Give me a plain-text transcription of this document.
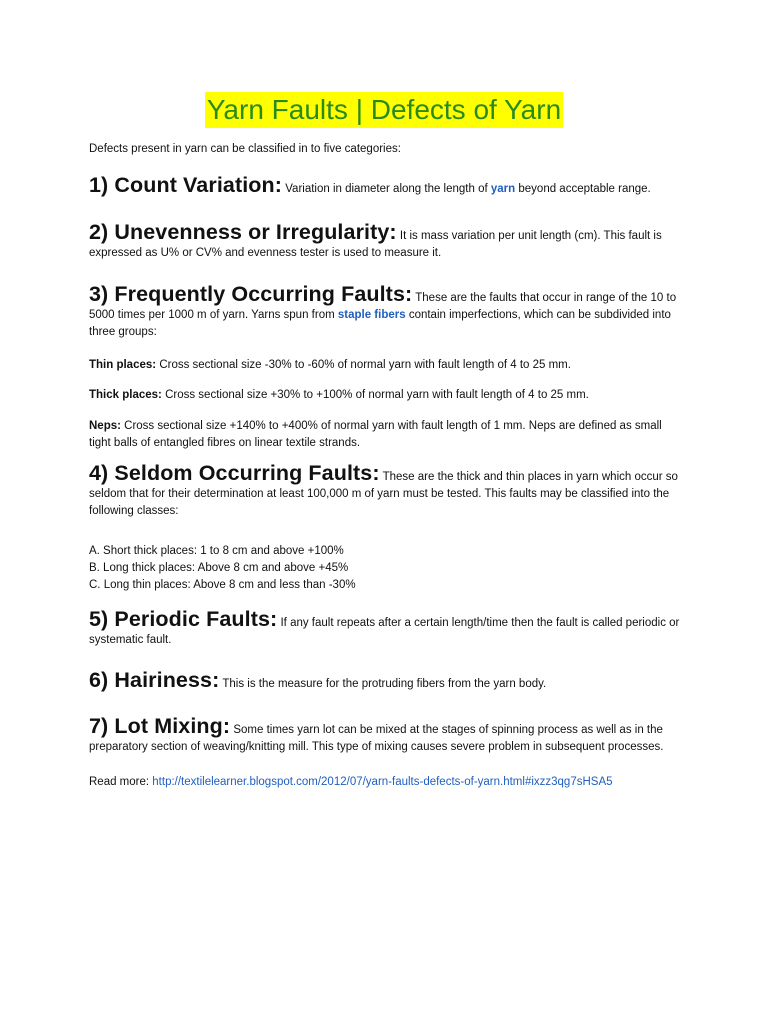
Yarn Faults | Defects of Yarn
Defects present in yarn can be classified in to five categories:
1) Count Variation: Variation in diameter along the length of yarn beyond acceptable range.
2) Unevenness or Irregularity: It is mass variation per unit length (cm). This fault is expressed as U% or CV% and evenness tester is used to measure it.
3) Frequently Occurring Faults: These are the faults that occur in range of the 10 to 5000 times per 1000 m of yarn. Yarns spun from staple fibers contain imperfections, which can be subdivided into three groups:
Thin places: Cross sectional size -30% to -60% of normal yarn with fault length of 4 to 25 mm.
Thick places: Cross sectional size +30% to +100% of normal yarn with fault length of 4 to 25 mm.
Neps: Cross sectional size +140% to +400% of normal yarn with fault length of 1 mm. Neps are defined as small tight balls of entangled fibres on linear textile strands.
4) Seldom Occurring Faults: These are the thick and thin places in yarn which occur so seldom that for their determination at least 100,000 m of yarn must be tested. This faults may be classified into the following classes:
A. Short thick places: 1 to 8 cm and above +100%
B. Long thick places: Above 8 cm and above +45%
C. Long thin places: Above 8 cm and less than -30%
5) Periodic Faults: If any fault repeats after a certain length/time then the fault is called periodic or systematic fault.
6) Hairiness: This is the measure for the protruding fibers from the yarn body.
7) Lot Mixing: Some times yarn lot can be mixed at the stages of spinning process as well as in the preparatory section of weaving/knitting mill. This type of mixing causes severe problem in subsequent processes.
Read more: http://textilelearner.blogspot.com/2012/07/yarn-faults-defects-of-yarn.html#ixzz3qg7sHSA5
